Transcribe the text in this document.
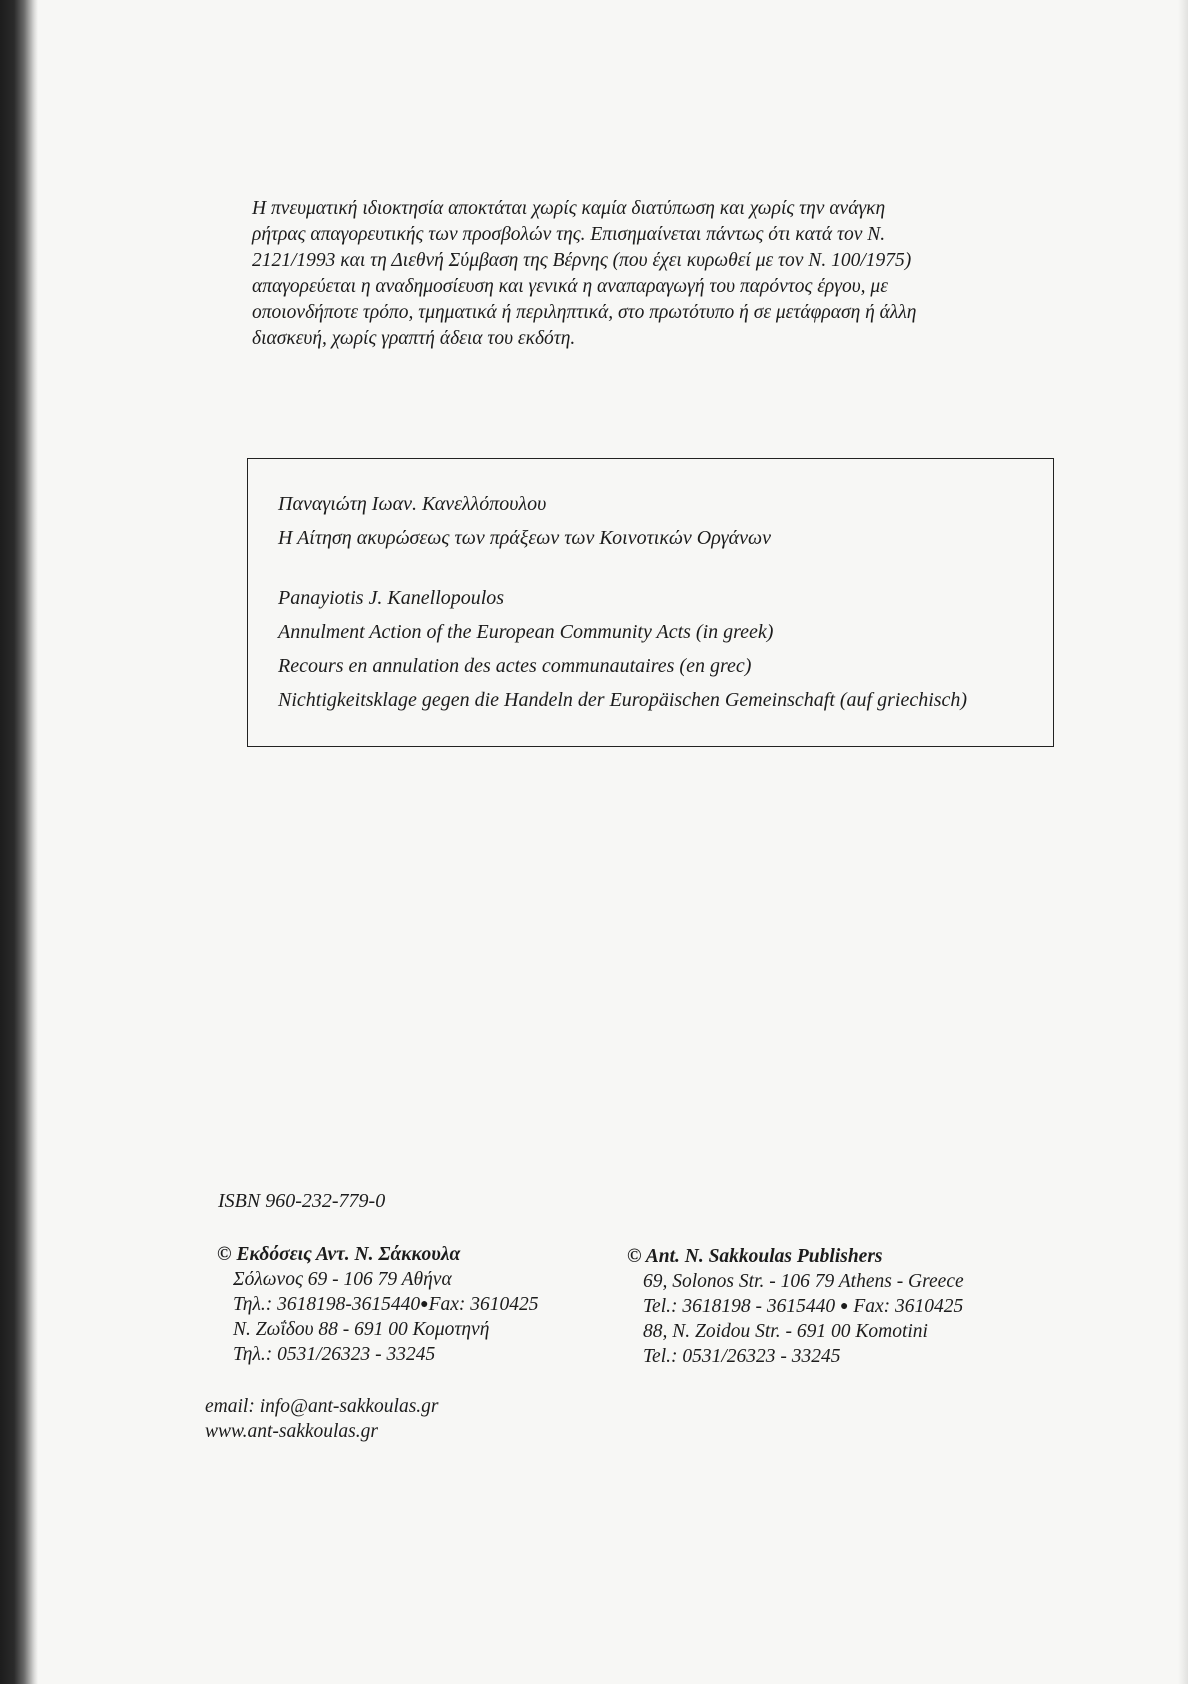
Η πνευματική ιδιοκτησία αποκτάται χωρίς καμία διατύπωση και χωρίς την ανάγκη
ρήτρας απαγορευτικής των προσβολών της. Επισημαίνεται πάντως ότι κατά τον Ν.
2121/1993 και τη Διεθνή Σύμβαση της Βέρνης (που έχει κυρωθεί με τον Ν. 100/1975)
απαγορεύεται η αναδημοσίευση και γενικά η αναπαραγωγή του παρόντος έργου, με
οποιονδήποτε τρόπο, τμηματικά ή περιληπτικά, στο πρωτότυπο ή σε μετάφραση ή άλλη
διασκευή, χωρίς γραπτή άδεια του εκδότη.
Παναγιώτη Ιωαν. Κανελλόπουλου
Η Αίτηση ακυρώσεως των πράξεων των Κοινοτικών Οργάνων
Panayiotis J. Kanellopoulos
Annulment Action of the European Community Acts (in greek)
Recours en annulation des actes communautaires (en grec)
Nichtigkeitsklage gegen die Handeln der Europäischen Gemeinschaft (auf griechisch)
ISBN 960-232-779-0
© Εκδόσεις Αντ. Ν. Σάκκουλα
Σόλωνος 69 - 106 79 Αθήνα
Τηλ.: 3618198-3615440●Fax: 3610425
Ν. Ζωΐδου 88 - 691 00 Κομοτηνή
Τηλ.: 0531/26323 - 33245
© Ant. N. Sakkoulas Publishers
69, Solonos Str. - 106 79 Athens - Greece
Tel.: 3618198 - 3615440 ● Fax: 3610425
88, N. Zoidou Str. - 691 00 Komotini
Tel.: 0531/26323 - 33245
email: info@ant-sakkoulas.gr
www.ant-sakkoulas.gr
